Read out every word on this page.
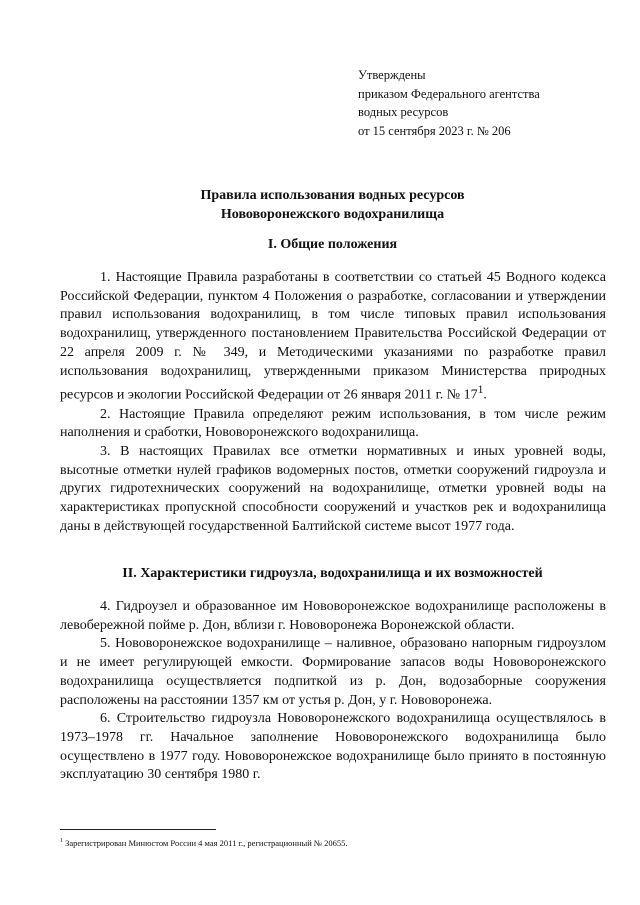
Утверждены
приказом Федерального агентства
водных ресурсов
от 15 сентября 2023 г. № 206
Правила использования водных ресурсов
Нововоронежского водохранилища
I. Общие положения

1. Настоящие Правила разработаны в соответствии со статьей 45 Водного кодекса Российской Федерации, пунктом 4 Положения о разработке, согласовании и утверждении правил использования водохранилищ, в том числе типовых правил использования водохранилищ, утвержденного постановлением Правительства Российской Федерации от 22 апреля 2009 г. № 349, и Методическими указаниями по разработке правил использования водохранилищ, утвержденными приказом Министерства природных ресурсов и экологии Российской Федерации от 26 января 2011 г. № $17^1$.

2. Настоящие Правила определяют режим использования, в том числе режим наполнения и сработки, Нововоронежского водохранилища.

3. В настоящих Правилах все отметки нормативных и иных уровней воды, высотные отметки нулей графиков водомерных постов, отметки сооружений гидроузла и других гидротехнических сооружений на водохранилище, отметки уровней воды на характеристиках пропускной способности сооружений и участков рек и водохранилища даны в действующей государственной Балтийской системе высот 1977 года.

II. Характеристики гидроузла, водохранилища и их возможностей

4. Гидроузел и образованное им Нововоронежское водохранилище расположены в левобережной пойме р. Дон, вблизи г. Нововоронежа Воронежской области.

5. Нововоронежское водохранилище – наливное, образовано напорным гидроузлом и не имеет регулирующей емкости. Формирование запасов воды Нововоронежского водохранилища осуществляется подпиткой из р. Дон, водозаборные сооружения расположены на расстоянии 1357 км от устья р. Дон, у г. Нововоронежа.

6. Строительство гидроузла Нововоронежского водохранилища осуществлялось в 1973–1978 гг. Начальное заполнение Нововоронежского водохранилища было осуществлено в 1977 году. Нововоронежское водохранилище было принято в постоянную эксплуатацию 30 сентября 1980 г.

$^1$ Зарегистрирован Минюстом России 4 мая 2011 г., регистрационный № 20655.
